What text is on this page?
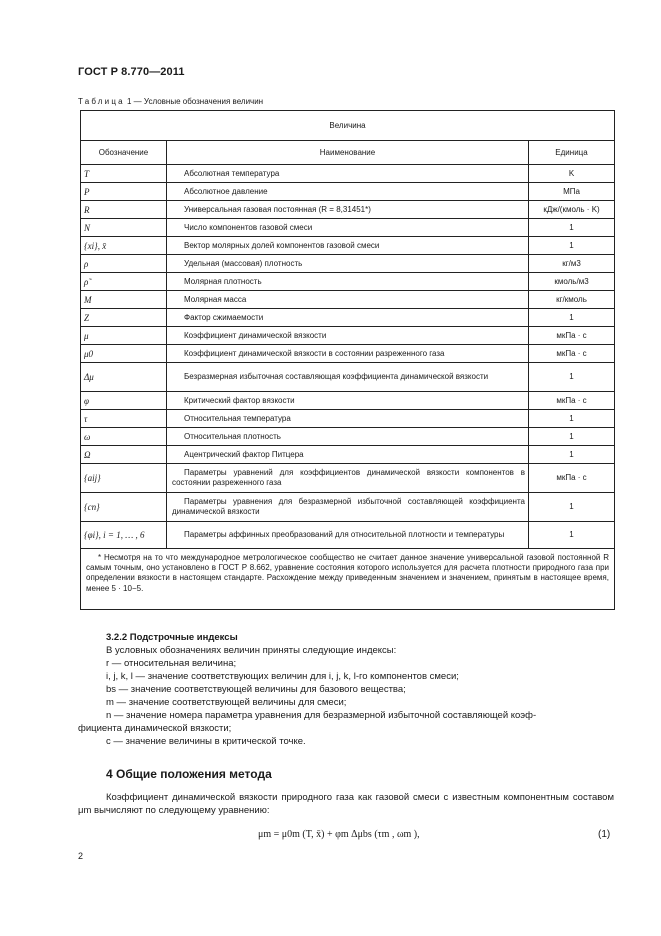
ГОСТ Р 8.770—2011
Таблица 1 — Условные обозначения величин
Величина		
Обозначение	Наименование	Единица
T	Абсолютная температура	K
P	Абсолютное давление	МПа
R	Универсальная газовая постоянная (R = 8,31451*)	кДж/(кмоль · K)
N	Число компонентов газовой смеси	1
{xi}, x̄	Вектор молярных долей компонентов газовой смеси	1
ρ	Удельная (массовая) плотность	кг/м3
ρ̃	Молярная плотность	кмоль/м3
M	Молярная масса	кг/кмоль
Z	Фактор сжимаемости	1
μ	Коэффициент динамической вязкости	мкПа · с
μ0	Коэффициент динамической вязкости в состоянии разреженного газа	мкПа · с
Δμ	Безразмерная избыточная составляющая коэффициента динамической вязкости	1
φ	Критический фактор вязкости	мкПа · с
τ	Относительная температура	1
ω	Относительная плотность	1
Ω	Ацентрический фактор Питцера	1
{aij}	Параметры уравнений для коэффициентов динамической вязкости компонентов в состоянии разреженного газа	мкПа · с
{cn}	Параметры уравнения для безразмерной избыточной составляющей коэффициента динамической вязкости	1
{φi}, i = 1, … , 6	Параметры аффинных преобразований для относительной плотности и температуры	1
* Несмотря на то что международное метрологическое сообщество не считает данное значение универсальной газовой постоянной R самым точным, оно установлено в ГОСТ Р 8.662, уравнение состояния которого используется для расчета плотности природного газа при определении вязкости в настоящем стандарте. Расхождение между приведенным значением и значением, принятым в настоящее время, менее 5 · 10−5.		

3.2.2 Подстрочные индексы

В условных обозначениях величин приняты следующие индексы:

r — относительная величина;

i, j, k, l — значение соответствующих величин для i, j, k, l-го компонентов смеси;

bs — значение соответствующей величины для базового вещества;

m — значение соответствующей величины для смеси;

n — значение номера параметра уравнения для безразмерной избыточной составляющей коэф-

фициента динамической вязкости;

c — значение величины в критической точке.

4 Общие положения метода

Коэффициент динамической вязкости природного газа как газовой смеси с известным компонентным составом μm вычисляют по следующему уравнению:

μm = μ0m (T, x̄) + φm Δμbs (τm , ωm ),	(1)
2
